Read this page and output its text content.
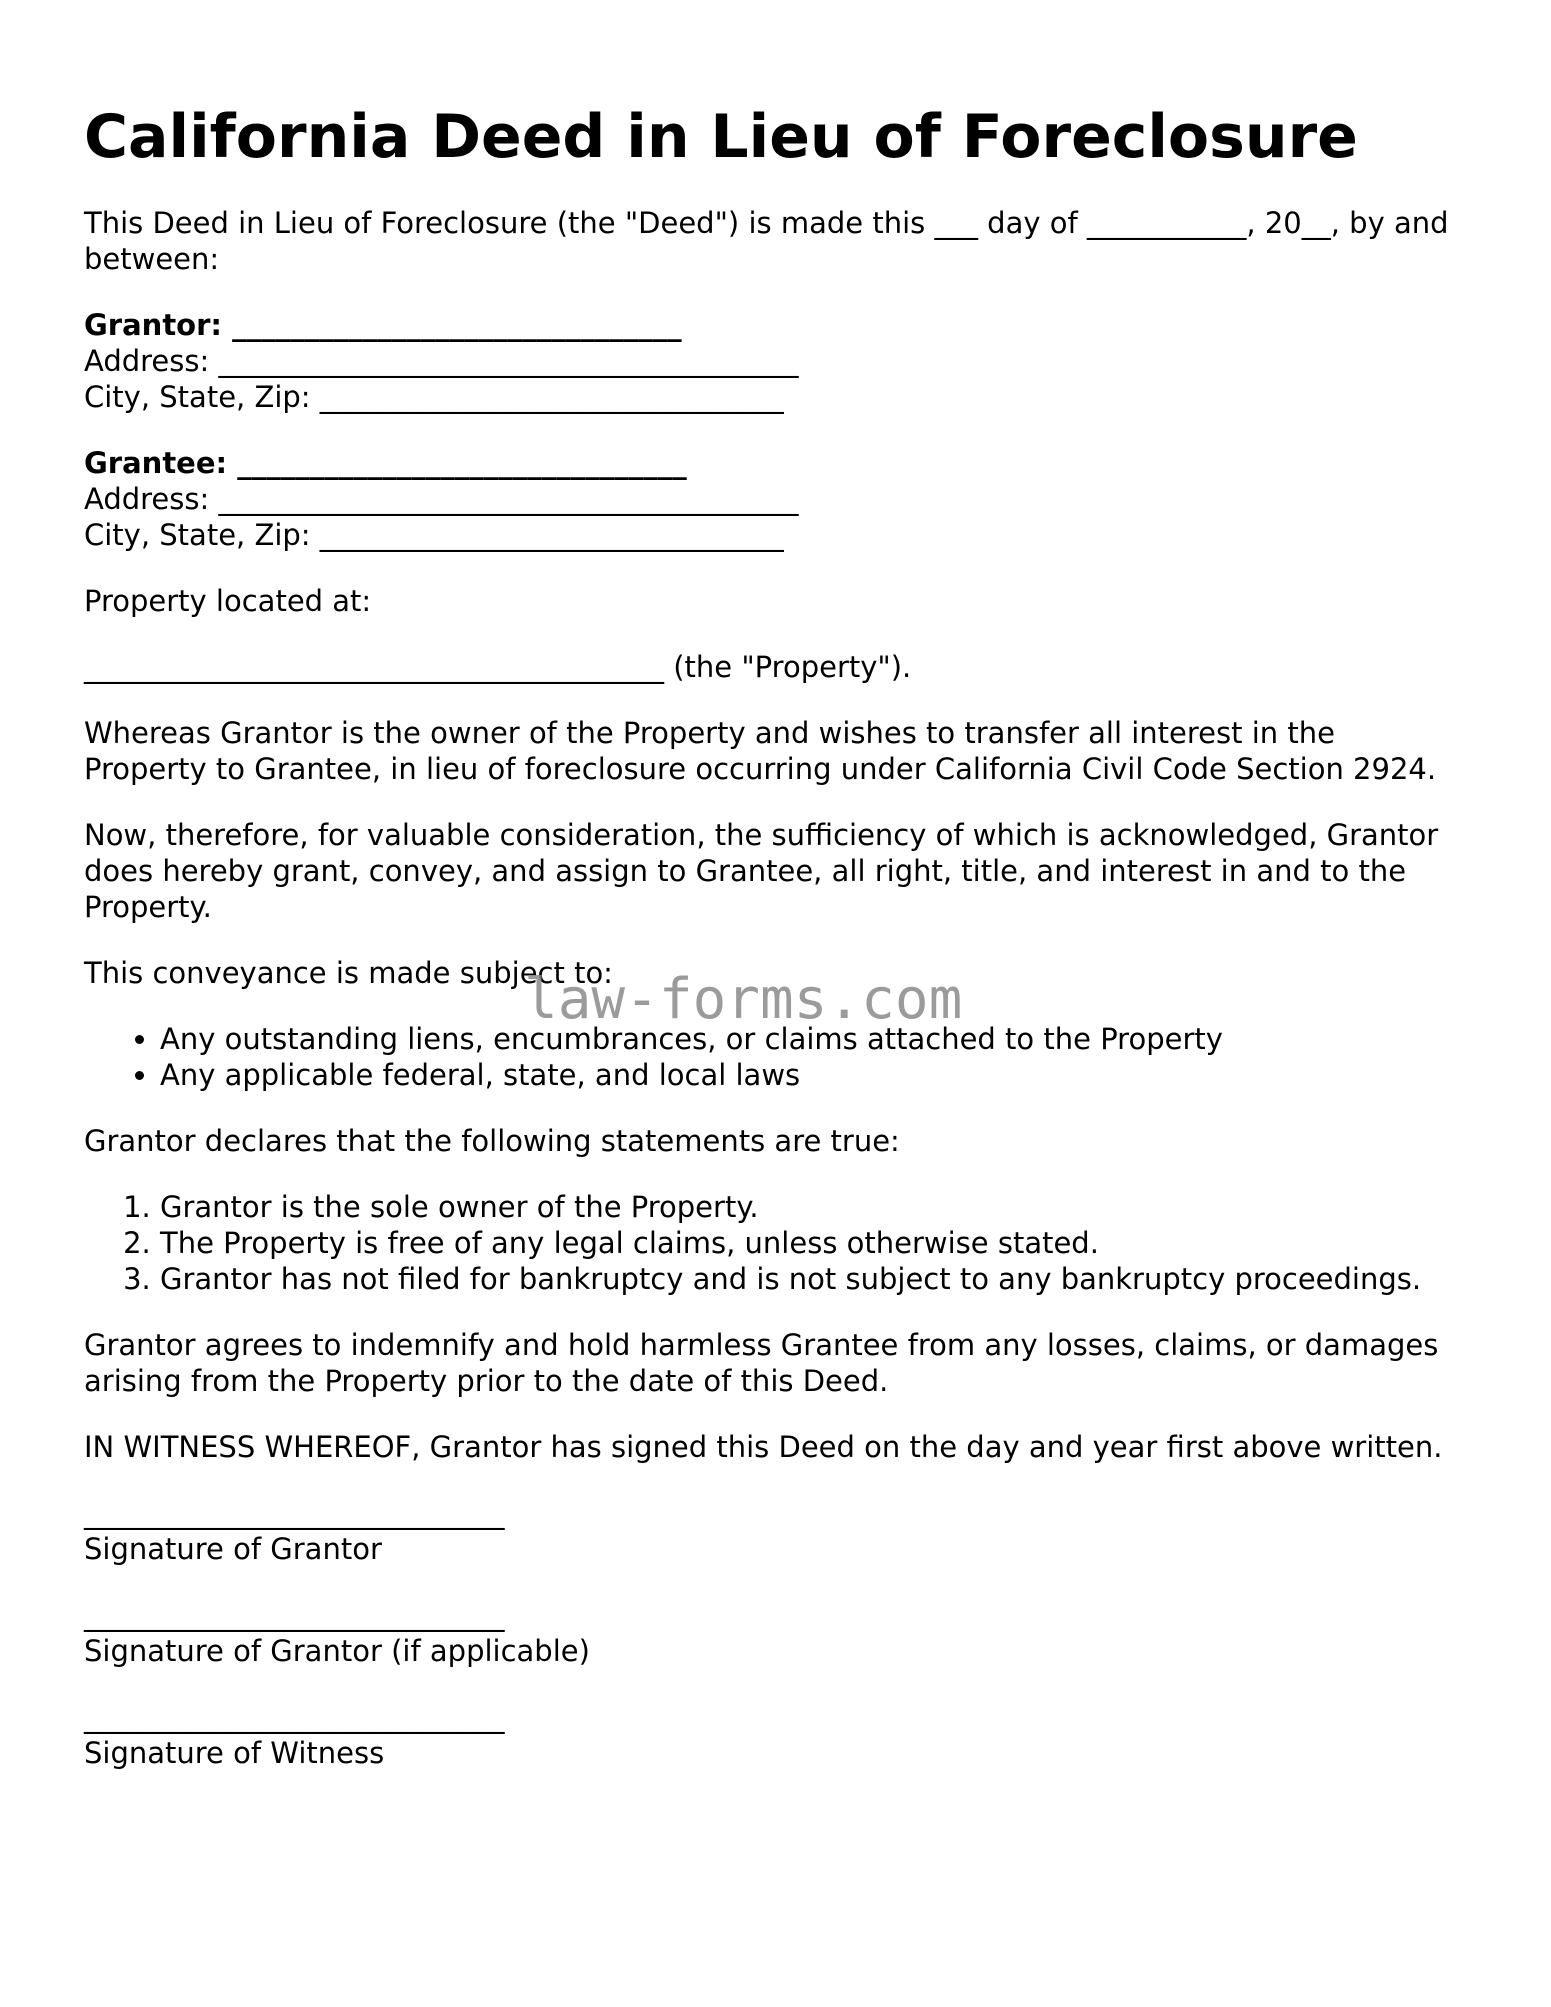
California Deed in Lieu of Foreclosure

This Deed in Lieu of Foreclosure (the "Deed") is made this ___ day of ___________, 20__, by and between:

Grantor: _______________________________
Address: ________________________________________
City, State, Zip: ________________________________
Grantee: _______________________________
Address: ________________________________________
City, State, Zip: ________________________________

Property located at:

________________________________________ (the "Property").

Whereas Grantor is the owner of the Property and wishes to transfer all interest in the Property to Grantee, in lieu of foreclosure occurring under California Civil Code Section 2924.

Now, therefore, for valuable consideration, the sufficiency of which is acknowledged, Grantor does hereby grant, convey, and assign to Grantee, all right, title, and interest in and to the Property.

This conveyance is made subject to:

• Any outstanding liens, encumbrances, or claims attached to the Property
• Any applicable federal, state, and local laws

Grantor declares that the following statements are true:

1. Grantor is the sole owner of the Property.
2. The Property is free of any legal claims, unless otherwise stated.
3. Grantor has not filed for bankruptcy and is not subject to any bankruptcy proceedings.

Grantor agrees to indemnify and hold harmless Grantee from any losses, claims, or damages arising from the Property prior to the date of this Deed.

IN WITNESS WHEREOF, Grantor has signed this Deed on the day and year first above written.

_____________________________
Signature of Grantor
_____________________________
Signature of Grantor (if applicable)
_____________________________
Signature of Witness
law-forms.com
